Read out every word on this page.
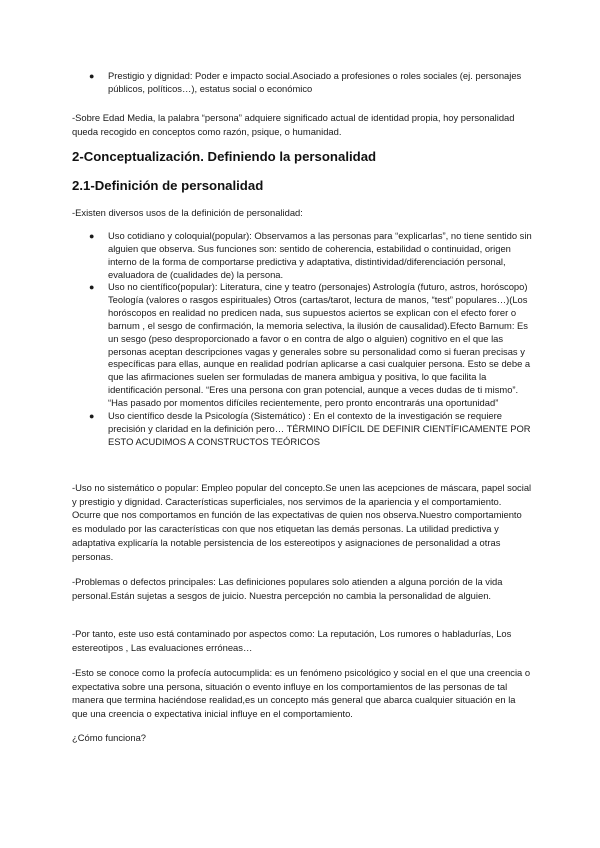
● Prestigio y dignidad: Poder e impacto social.Asociado a profesiones o roles sociales (ej. personajes públicos, políticos…), estatus social o económico

-Sobre Edad Media, la palabra “persona” adquiere significado actual de identidad propia, hoy personalidad queda recogido en conceptos como razón, psique, o humanidad.

2-Conceptualización. Definiendo la personalidad
2.1-Definición de personalidad

-Existen diversos usos de la definición de personalidad:

● Uso cotidiano y coloquial(popular): Observamos a las personas para “explicarlas”, no tiene sentido sin alguien que observa. Sus funciones son: sentido de coherencia, estabilidad o continuidad, origen interno de la forma de comportarse predictiva y adaptativa, distintividad/diferenciación personal, evaluadora de (cualidades de) la persona.
● Uso no científico(popular): Literatura, cine y teatro (personajes) Astrología (futuro, astros, horóscopo) Teología (valores o rasgos espirituales) Otros (cartas/tarot, lectura de manos, “test” populares…)(Los horóscopos en realidad no predicen nada, sus supuestos aciertos se explican con el efecto forer o barnum , el sesgo de confirmación, la memoria selectiva, la ilusión de causalidad).Efecto Barnum: Es un sesgo (peso desproporcionado a favor o en contra de algo o alguien) cognitivo en el que las personas aceptan descripciones vagas y generales sobre su personalidad como si fueran precisas y específicas para ellas, aunque en realidad podrían aplicarse a casi cualquier persona. Esto se debe a que las afirmaciones suelen ser formuladas de manera ambigua y positiva, lo que facilita la identificación personal. “Eres una persona con gran potencial, aunque a veces dudas de ti mismo”. “Has pasado por momentos difíciles recientemente, pero pronto encontrarás una oportunidad”
● Uso científico desde la Psicología (Sistemático) : En el contexto de la investigación se requiere precisión y claridad en la definición pero… TÉRMINO DIFÍCIL DE DEFINIR CIENTÍFICAMENTE POR ESTO ACUDIMOS A CONSTRUCTOS TEÓRICOS

-Uso no sistemático o popular: Empleo popular del concepto.Se unen las acepciones de máscara, papel social y prestigio y dignidad. Características superficiales, nos servimos de la apariencia y el comportamiento. Ocurre que nos comportamos en función de las expectativas de quien nos observa.Nuestro comportamiento es modulado por las características con que nos etiquetan las demás personas. La utilidad predictiva y adaptativa explicaría la notable persistencia de los estereotipos y asignaciones de personalidad a otras personas.

-Problemas o defectos principales: Las definiciones populares solo atienden a alguna porción de la vida personal.Están sujetas a sesgos de juicio. Nuestra percepción no cambia la personalidad de alguien.

-Por tanto, este uso está contaminado por aspectos como: La reputación, Los rumores o habladurías, Los estereotipos , Las evaluaciones erróneas…

-Esto se conoce como la profecía autocumplida: es un fenómeno psicológico y social en el que una creencia o expectativa sobre una persona, situación o evento influye en los comportamientos de las personas de tal manera que termina haciéndose realidad,es un concepto más general que abarca cualquier situación en la que una creencia o expectativa inicial influye en el comportamiento.

¿Cómo funciona?
